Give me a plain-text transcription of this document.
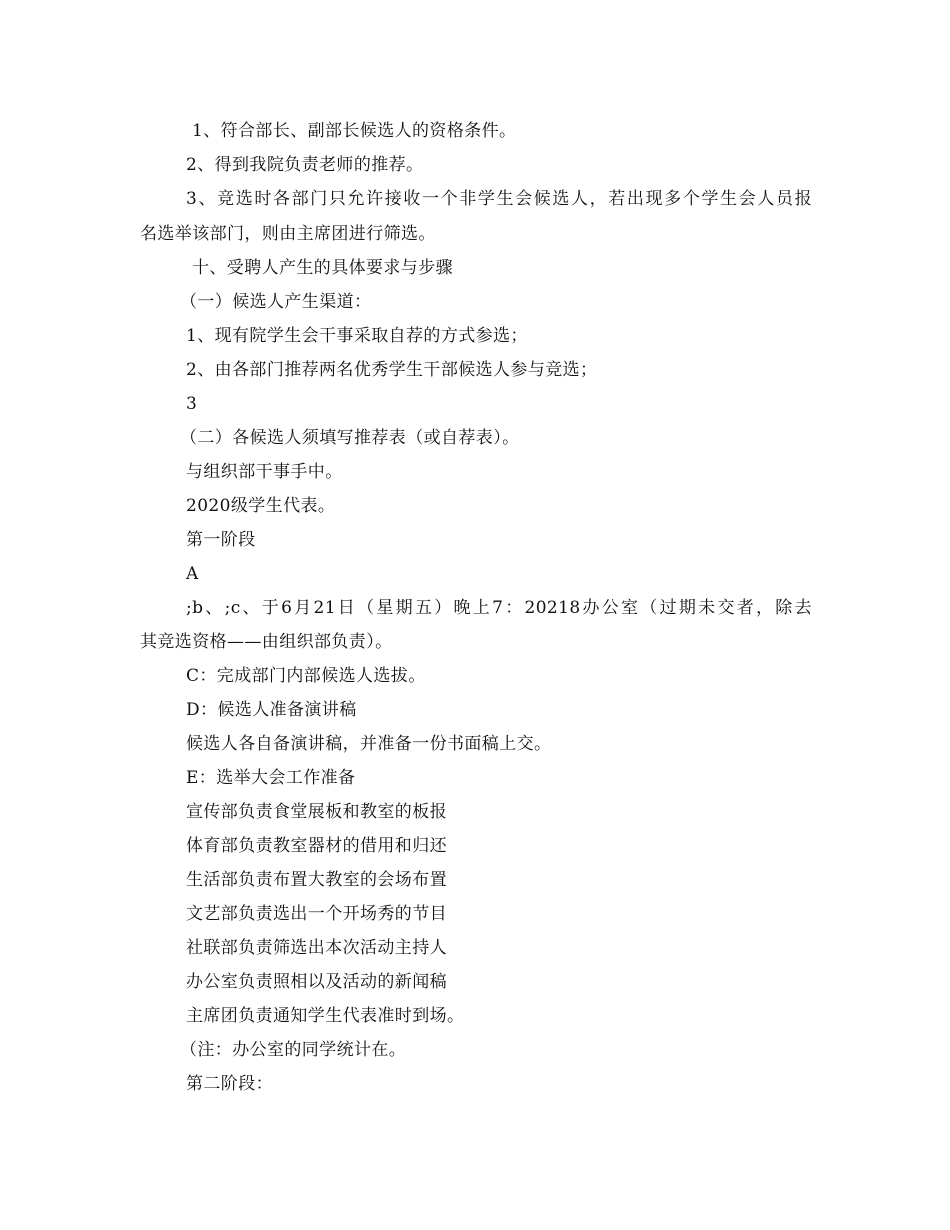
1、符合部长、副部长候选人的资格条件。
2、得到我院负责老师的推荐。
3、竞选时各部门只允许接收一个非学生会候选人，若出现多个学生会人员报
名选举该部门，则由主席团进行筛选。
十、受聘人产生的具体要求与步骤
（一）候选人产生渠道：
1、现有院学生会干事采取自荐的方式参选；
2、由各部门推荐两名优秀学生干部候选人参与竞选；
3
（二）各候选人须填写推荐表（或自荐表）。
与组织部干事手中。
2020级学生代表。
第一阶段
A
;b、;c、于6月21日（星期五）晚上7：20218办公室（过期未交者，除去
其竞选资格——由组织部负责）。
C：完成部门内部候选人选拔。
D：候选人准备演讲稿
候选人各自备演讲稿，并准备一份书面稿上交。
E：选举大会工作准备
宣传部负责食堂展板和教室的板报
体育部负责教室器材的借用和归还
生活部负责布置大教室的会场布置
文艺部负责选出一个开场秀的节目
社联部负责筛选出本次活动主持人
办公室负责照相以及活动的新闻稿
主席团负责通知学生代表准时到场。
（注：办公室的同学统计在。
第二阶段：
